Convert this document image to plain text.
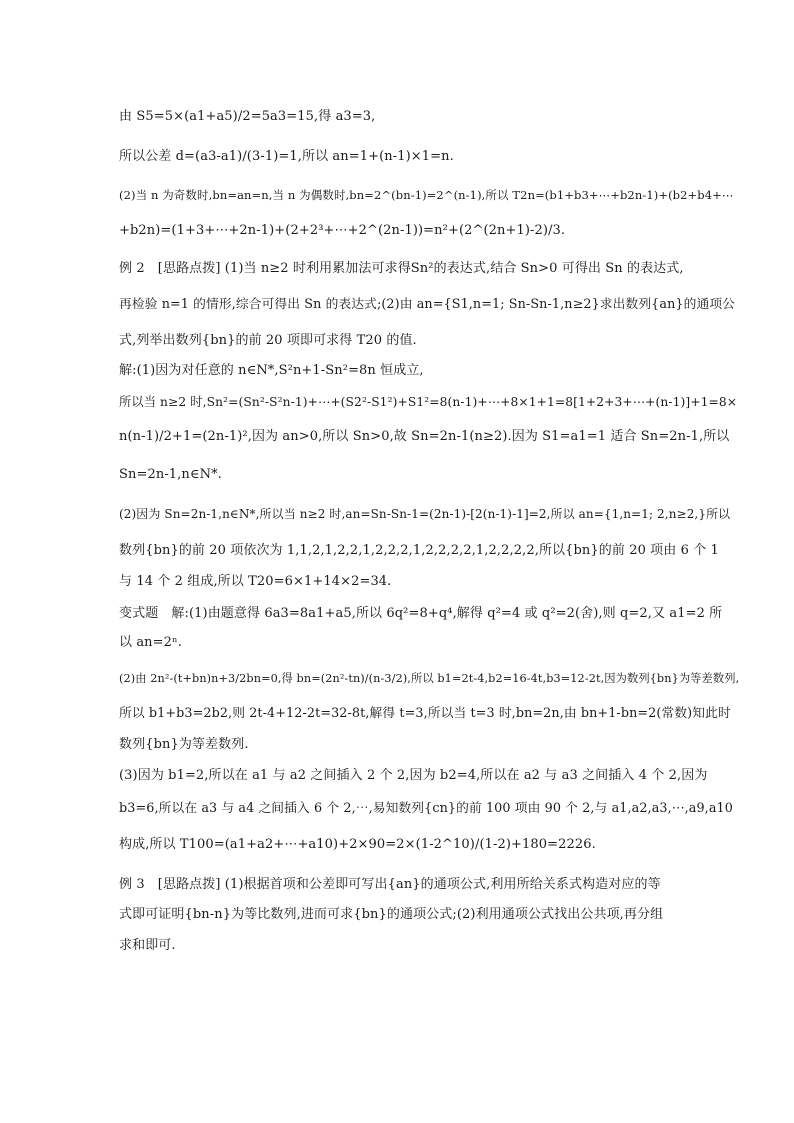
由 S5=5×(a1+a5)/2=5a3=15,得 a3=3,
所以公差 d=(a3-a1)/(3-1)=1,所以 an=1+(n-1)×1=n.
(2)当 n 为奇数时,bn=an=n,当 n 为偶数时,bn=2^(bn-1)=2^(n-1),所以 T2n=(b1+b3+⋯+b2n-1)+(b2+b4+⋯
+b2n)=(1+3+⋯+2n-1)+(2+2³+⋯+2^(2n-1))=n²+(2^(2n+1)-2)/3.
例 2　[思路点拨] (1)当 n≥2 时利用累加法可求得Sn²的表达式,结合 Sn>0 可得出 Sn 的表达式,
再检验 n=1 的情形,综合可得出 Sn 的表达式;(2)由 an={S1,n=1; Sn-Sn-1,n≥2}求出数列{an}的通项公
式,列举出数列{bn}的前 20 项即可求得 T20 的值.
解:(1)因为对任意的 n∈N*,S²n+1-Sn²=8n 恒成立,
所以当 n≥2 时,Sn²=(Sn²-S²n-1)+⋯+(S2²-S1²)+S1²=8(n-1)+⋯+8×1+1=8[1+2+3+⋯+(n-1)]+1=8×
n(n-1)/2+1=(2n-1)²,因为 an>0,所以 Sn>0,故 Sn=2n-1(n≥2).因为 S1=a1=1 适合 Sn=2n-1,所以
Sn=2n-1,n∈N*.
(2)因为 Sn=2n-1,n∈N*,所以当 n≥2 时,an=Sn-Sn-1=(2n-1)-[2(n-1)-1]=2,所以 an={1,n=1; 2,n≥2,}所以
数列{bn}的前 20 项依次为 1,1,2,1,2,2,1,2,2,2,1,2,2,2,2,1,2,2,2,2,所以{bn}的前 20 项由 6 个 1
与 14 个 2 组成,所以 T20=6×1+14×2=34.
变式题　解:(1)由题意得 6a3=8a1+a5,所以 6q²=8+q⁴,解得 q²=4 或 q²=2(舍),则 q=2,又 a1=2 所
以 an=2ⁿ.
(2)由 2n²-(t+bn)n+3/2bn=0,得 bn=(2n²-tn)/(n-3/2),所以 b1=2t-4,b2=16-4t,b3=12-2t,因为数列{bn}为等差数列,
所以 b1+b3=2b2,则 2t-4+12-2t=32-8t,解得 t=3,所以当 t=3 时,bn=2n,由 bn+1-bn=2(常数)知此时
数列{bn}为等差数列.
(3)因为 b1=2,所以在 a1 与 a2 之间插入 2 个 2,因为 b2=4,所以在 a2 与 a3 之间插入 4 个 2,因为
b3=6,所以在 a3 与 a4 之间插入 6 个 2,⋯,易知数列{cn}的前 100 项由 90 个 2,与 a1,a2,a3,⋯,a9,a10
构成,所以 T100=(a1+a2+⋯+a10)+2×90=2×(1-2^10)/(1-2)+180=2226.
例 3　[思路点拨] (1)根据首项和公差即可写出{an}的通项公式,利用所给关系式构造对应的等
式即可证明{bn-n}为等比数列,进而可求{bn}的通项公式;(2)利用通项公式找出公共项,再分组
求和即可.
